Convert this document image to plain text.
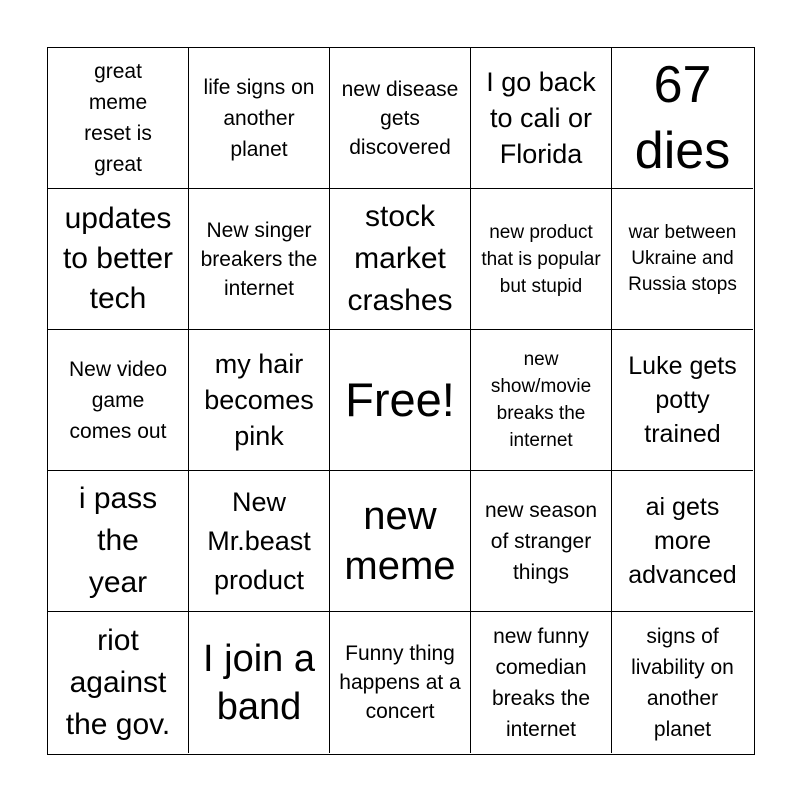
great meme reset is great
life signs on another planet
new disease gets discovered
I go back to cali or Florida
67 dies
updates to better tech
New singer breakers the internet
stock market crashes
new product that is popular but stupid
war between Ukraine and Russia stops
New video game comes out
my hair becomes pink
Free!
new show/movie breaks the internet
Luke gets potty trained
i pass the year
New Mr.beast product
new meme
new season of stranger things
ai gets more advanced
riot against the gov.
I join a band
Funny thing happens at a concert
new funny comedian breaks the internet
signs of livability on another planet
